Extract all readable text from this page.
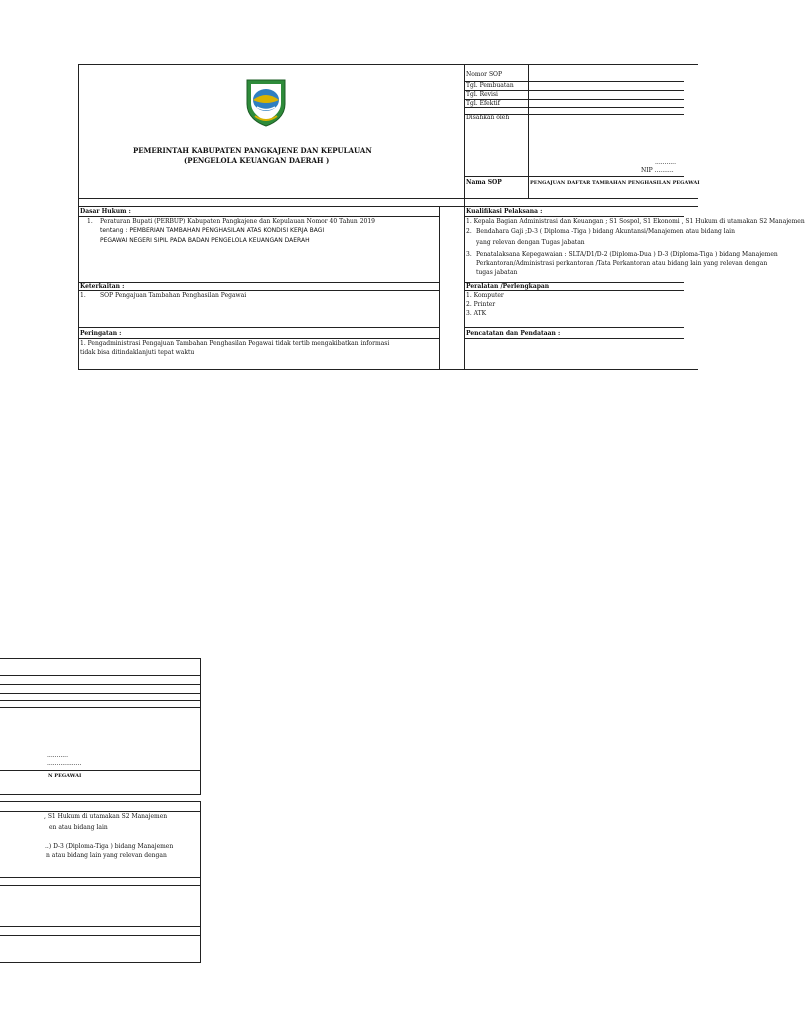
PEMERINTAH KABUPATEN PANGKAJENE DAN KEPULAUAN
(PENGELOLA KEUANGAN DAERAH )
Nomor SOP
Tgl. Pembuatan
Tgl. Revisi
Tgl. Efektif
Disahkan oleh
...........
NIP ..........
Nama SOP	PENGAJUAN DAFTAR TAMBAHAN PENGHASILAN PEGAWAI
Dasar Hukum :
1. Peraturan Bupati (PERBUP) Kabupaten Pangkajene dan Kepulauan Nomor 40 Tahun 2019
tentang : PEMBERIAN TAMBAHAN PENGHASILAN ATAS KONDISI KERJA BAGI
PEGAWAI NEGERI SIPIL PADA BADAN PENGELOLA KEUANGAN DAERAH
Keterkaitan :
1. SOP Pengajuan Tambahan Penghasilan Pegawai
Peringatan :
1. Pengadministrasi Pengajuan Tambahan Penghasilan Pegawai tidak tertib mengakibatkan informasi
tidak bisa ditindaklanjuti tepat waktu
Kualifikasi Pelaksana :
1. Kepala Bagian Administrasi dan Keuangan ; S1 Sospol, S1 Ekonomi , S1 Hukum di utamakan S2 Manajemen
2. Bendahara Gaji ;D-3 ( Diploma -Tiga ) bidang Akuntansi/Manajemen atau bidang lain
yang relevan dengan Tugas jabatan
3. Penatalaksana Kepegawaian : SLTA/D1/D-2 (Diploma-Dua ) D-3 (Diploma-Tiga ) bidang Manajemen
Perkantoran/Administrasi perkantoran /Tata Perkantoran atau bidang lain yang relevan dengan
tugas jabatan
Peralatan /Perlengkapan
1. Komputer
2. Printer
3. ATK
Pencatatan dan Pendataan :
...........
..................
N PEGAWAI
, S1 Hukum di utamakan S2 Manajemen
en atau bidang lain
..) D-3 (Diploma-Tiga ) bidang Manajemen
n atau bidang lain yang relevan dengan
